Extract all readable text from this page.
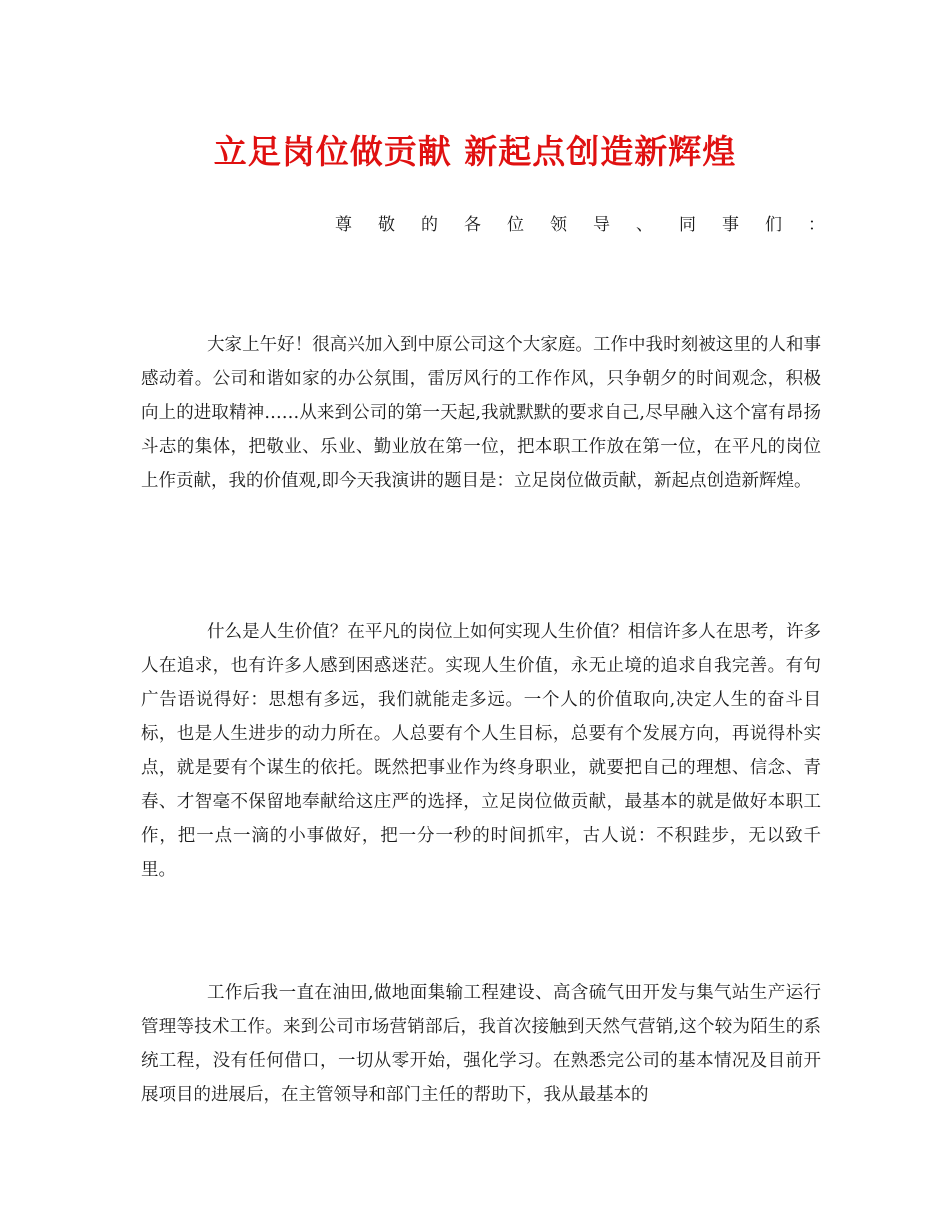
立足岗位做贡献 新起点创造新辉煌
尊 敬 的 各 位 领 导 、 同 事 们 ：

大家上午好！很高兴加入到中原公司这个大家庭。工作中我时刻被这里的人和事感动着。公司和谐如家的办公氛围，雷厉风行的工作作风，只争朝夕的时间观念，积极向上的进取精神……从来到公司的第一天起,我就默默的要求自己,尽早融入这个富有昂扬斗志的集体，把敬业、乐业、勤业放在第一位，把本职工作放在第一位，在平凡的岗位上作贡献，我的价值观,即今天我演讲的题目是：立足岗位做贡献，新起点创造新辉煌。

什么是人生价值？在平凡的岗位上如何实现人生价值？相信许多人在思考，许多人在追求，也有许多人感到困惑迷茫。实现人生价值，永无止境的追求自我完善。有句广告语说得好：思想有多远，我们就能走多远。一个人的价值取向,决定人生的奋斗目标，也是人生进步的动力所在。人总要有个人生目标，总要有个发展方向，再说得朴实点，就是要有个谋生的依托。既然把事业作为终身职业，就要把自己的理想、信念、青春、才智毫不保留地奉献给这庄严的选择，立足岗位做贡献，最基本的就是做好本职工作，把一点一滴的小事做好，把一分一秒的时间抓牢，古人说：不积跬步，无以致千里。

工作后我一直在油田,做地面集输工程建设、高含硫气田开发与集气站生产运行管理等技术工作。来到公司市场营销部后，我首次接触到天然气营销,这个较为陌生的系统工程，没有任何借口，一切从零开始，强化学习。在熟悉完公司的基本情况及目前开展项目的进展后，在主管领导和部门主任的帮助下，我从最基本的
